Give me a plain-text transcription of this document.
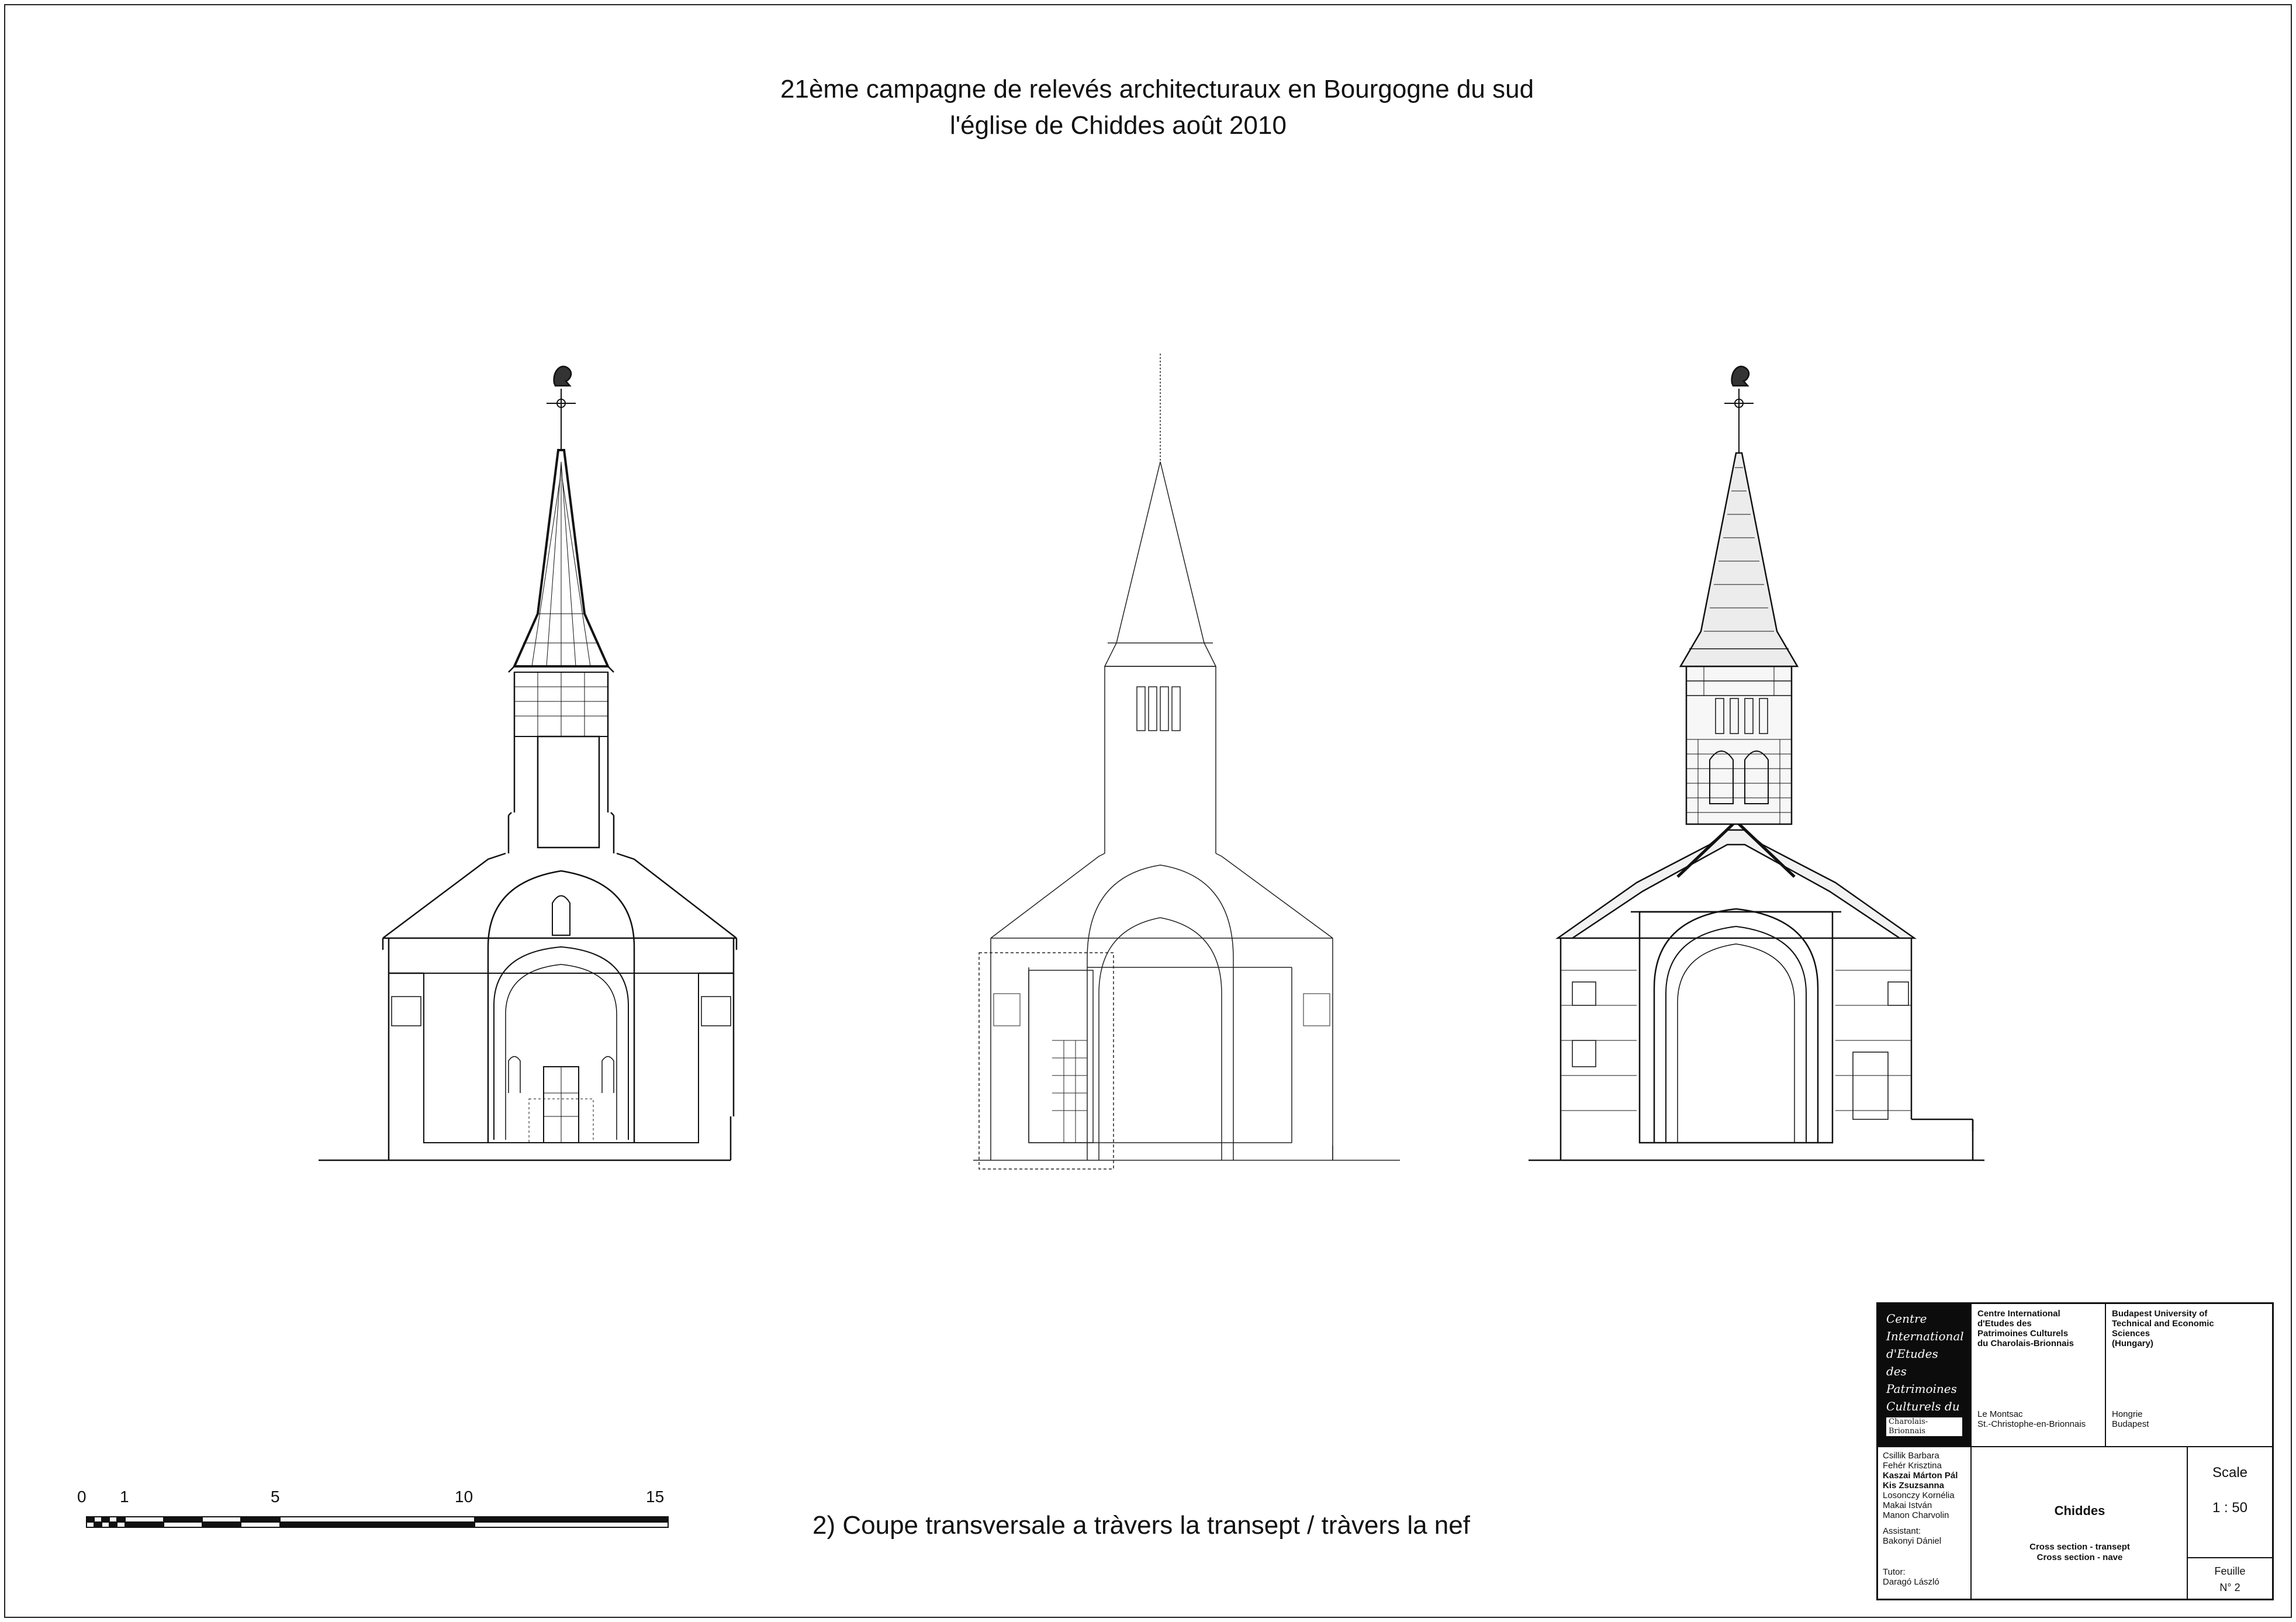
21ème campagne de relevés architecturaux en Bourgogne du sud
l'église de Chiddes août 2010
0 1	5	10	15
2) Coupe transversale a tràvers la transept / tràvers la nef
Centre
International
d'Etudes
des Patrimoines
Culturels du
Charolais-Brionnais
Centre International
d'Etudes des
Patrimoines Culturels
du Charolais-Brionnais
Le Montsac
St.-Christophe-en-Brionnais
Budapest University of
Technical and Economic
Sciences
(Hungary)
Hongrie
Budapest
Csillik Barbara
Fehér Krisztina
Kaszai Márton Pál
Kis Zsuzsanna
Losonczy Kornélia
Makai István
Manon Charvolin
Assistant:
Bakonyi Dániel
Tutor:
Daragó László
Chiddes
Cross section - transept
Cross section - nave
Scale
1 : 50
Feuille
N° 2
